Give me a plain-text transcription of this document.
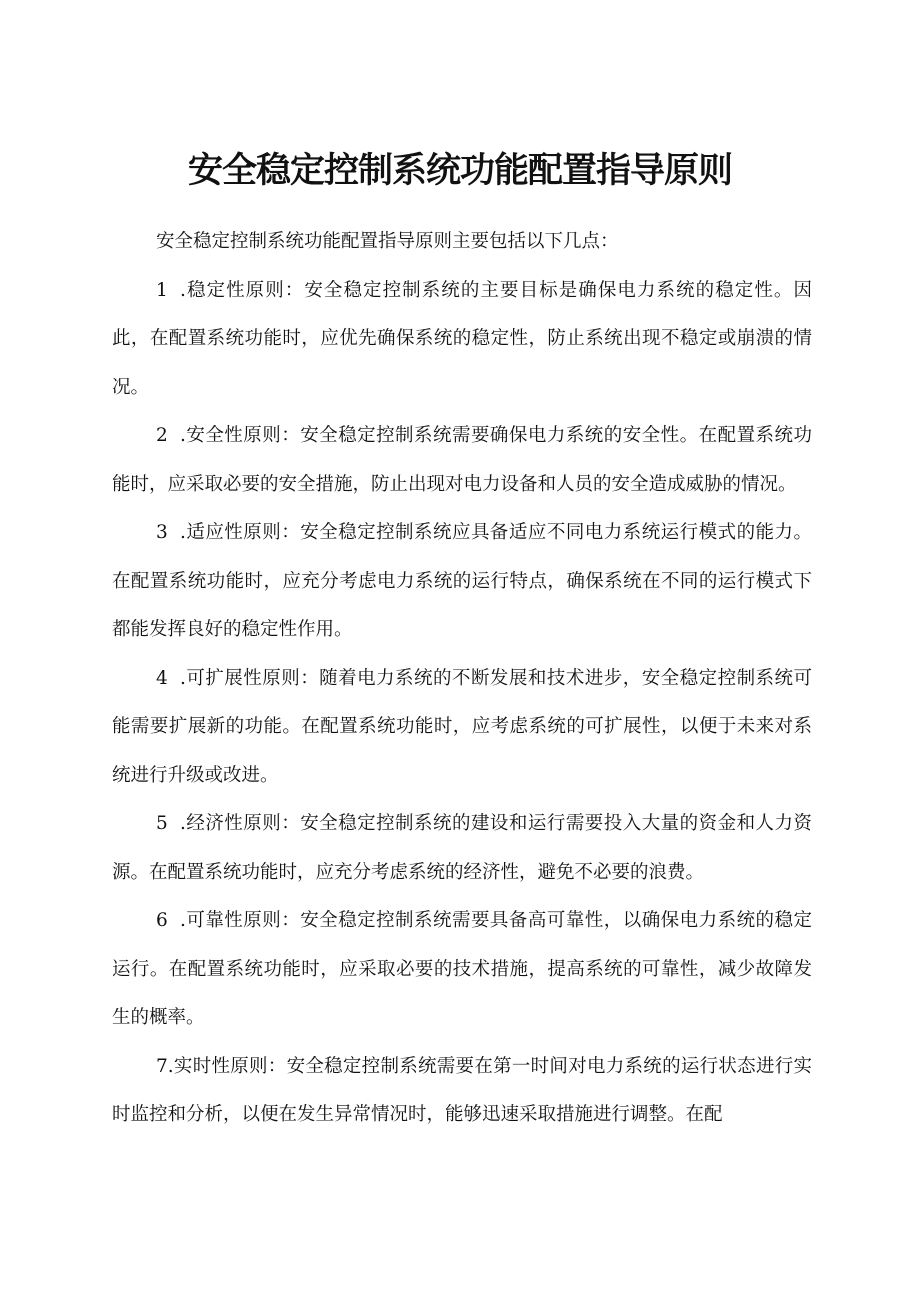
安全稳定控制系统功能配置指导原则

安全稳定控制系统功能配置指导原则主要包括以下几点：

1 .稳定性原则：安全稳定控制系统的主要目标是确保电力系统的稳定性。因此，在配置系统功能时，应优先确保系统的稳定性，防止系统出现不稳定或崩溃的情况。

2 .安全性原则：安全稳定控制系统需要确保电力系统的安全性。在配置系统功能时，应采取必要的安全措施，防止出现对电力设备和人员的安全造成威胁的情况。

3 .适应性原则：安全稳定控制系统应具备适应不同电力系统运行模式的能力。在配置系统功能时，应充分考虑电力系统的运行特点，确保系统在不同的运行模式下都能发挥良好的稳定性作用。

4 .可扩展性原则：随着电力系统的不断发展和技术进步，安全稳定控制系统可能需要扩展新的功能。在配置系统功能时，应考虑系统的可扩展性，以便于未来对系统进行升级或改进。

5 .经济性原则：安全稳定控制系统的建设和运行需要投入大量的资金和人力资源。在配置系统功能时，应充分考虑系统的经济性，避免不必要的浪费。

6 .可靠性原则：安全稳定控制系统需要具备高可靠性，以确保电力系统的稳定运行。在配置系统功能时，应采取必要的技术措施，提高系统的可靠性，减少故障发生的概率。

7.实时性原则：安全稳定控制系统需要在第一时间对电力系统的运行状态进行实时监控和分析，以便在发生异常情况时，能够迅速采取措施进行调整。在配
